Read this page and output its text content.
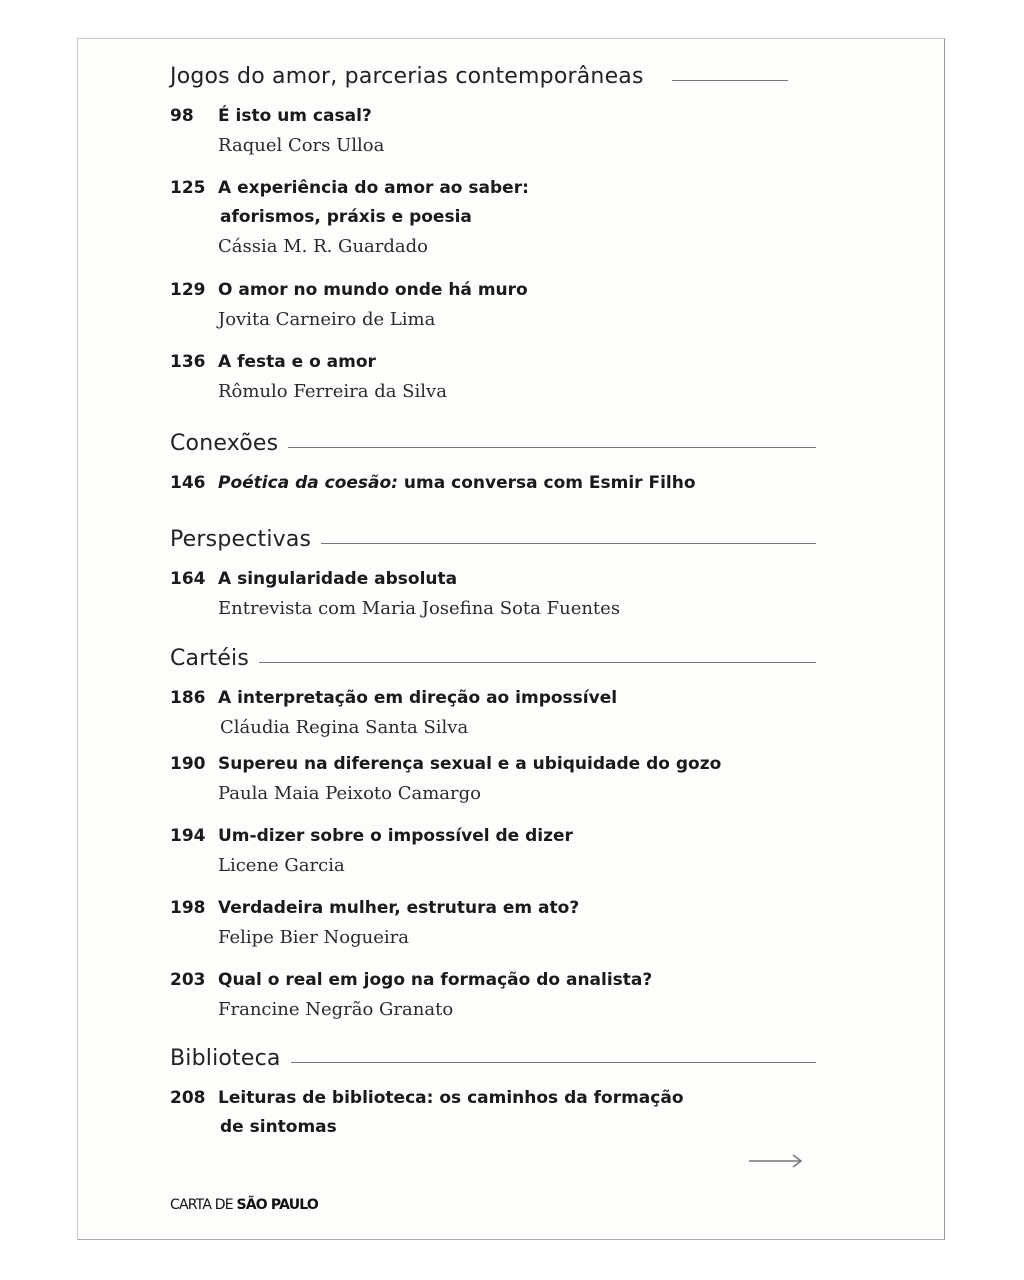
Jogos do amor, parcerias contemporâneas
98 É isto um casal?
Raquel Cors Ulloa
125 A experiência do amor ao saber:
aforismos, práxis e poesia
Cássia M. R. Guardado
129 O amor no mundo onde há muro
Jovita Carneiro de Lima
136 A festa e o amor
Rômulo Ferreira da Silva
Conexões
146 Poética da coesão: uma conversa com Esmir Filho
Perspectivas
164 A singularidade absoluta
Entrevista com Maria Josefina Sota Fuentes
Cartéis
186 A interpretação em direção ao impossível
Cláudia Regina Santa Silva
190 Supereu na diferença sexual e a ubiquidade do gozo
Paula Maia Peixoto Camargo
194 Um-dizer sobre o impossível de dizer
Licene Garcia
198 Verdadeira mulher, estrutura em ato?
Felipe Bier Nogueira
203 Qual o real em jogo na formação do analista?
Francine Negrão Granato
Biblioteca
208 Leituras de biblioteca: os caminhos da formação
de sintomas
CARTA DE SÃO PAULO
